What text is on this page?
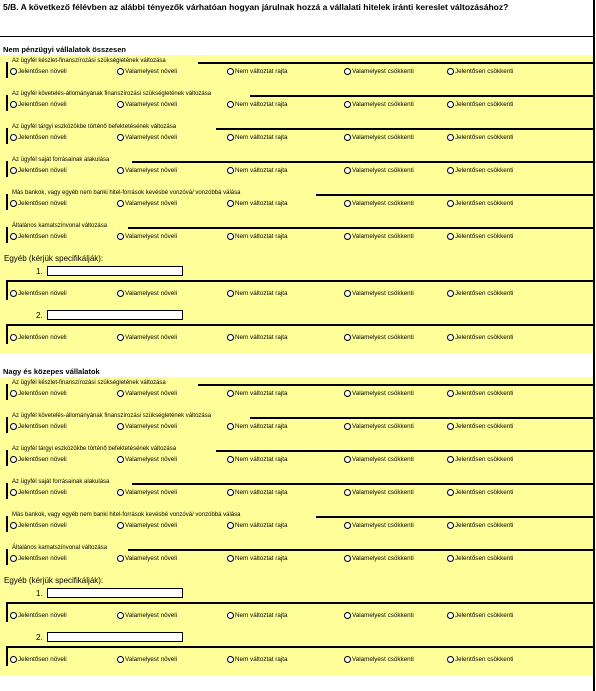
5/B. A következő félévben az alábbi tényezők várhatóan hogyan járulnak hozzá a vállalati hitelek iránti kereslet változásához?
Nem pénzügyi vállalatok összesen
Az ügyfél készlet-finanszírozási szükségletének változása
Jelentősen növeli	Valamelyest növeli	Nem változtat rajta	Valamelyest csökkenti	Jelentősen csökkenti
Az ügyfél követelés-állományának finanszírozási szükségletének változása
Jelentősen növeli	Valamelyest növeli	Nem változtat rajta	Valamelyest csökkenti	Jelentősen csökkenti
Az ügyfél tárgyi eszközökbe történő befektetésének változása
Jelentősen növeli	Valamelyest növeli	Nem változtat rajta	Valamelyest csökkenti	Jelentősen csökkenti
Az ügyfél saját forrásainak alakulása
Jelentősen növeli	Valamelyest növeli	Nem változtat rajta	Valamelyest csökkenti	Jelentősen csökkenti
Más bankok, vagy egyéb nem banki hitel-források kevésbé vonzóvá/ vonzóbbá válása
Jelentősen növeli	Valamelyest növeli	Nem változtat rajta	Valamelyest csökkenti	Jelentősen csökkenti
Általános kamatszínvonal változása
Jelentősen növeli	Valamelyest növeli	Nem változtat rajta	Valamelyest csökkenti	Jelentősen csökkenti
Egyéb (kérjük specifikálják):
1.
Jelentősen növeli	Valamelyest növeli	Nem változtat rajta	Valamelyest csökkenti	Jelentősen csökkenti
2.
Jelentősen növeli	Valamelyest növeli	Nem változtat rajta	Valamelyest csökkenti	Jelentősen csökkenti
Nagy és közepes vállalatok
Az ügyfél készlet-finanszírozási szükségletének változása
Jelentősen növeli	Valamelyest növeli	Nem változtat rajta	Valamelyest csökkenti	Jelentősen csökkenti
Az ügyfél követelés-állományának finanszírozási szükségletének változása
Jelentősen növeli	Valamelyest növeli	Nem változtat rajta	Valamelyest csökkenti	Jelentősen csökkenti
Az ügyfél tárgyi eszközökbe történő befektetésének változása
Jelentősen növeli	Valamelyest növeli	Nem változtat rajta	Valamelyest csökkenti	Jelentősen csökkenti
Az ügyfél saját forrásainak alakulása
Jelentősen növeli	Valamelyest növeli	Nem változtat rajta	Valamelyest csökkenti	Jelentősen csökkenti
Más bankok, vagy egyéb nem banki hitel-források kevésbé vonzóvá/ vonzóbbá válása
Jelentősen növeli	Valamelyest növeli	Nem változtat rajta	Valamelyest csökkenti	Jelentősen csökkenti
Általános kamatszínvonal változása
Jelentősen növeli	Valamelyest növeli	Nem változtat rajta	Valamelyest csökkenti	Jelentősen csökkenti
Egyéb (kérjük specifikálják):
1.
Jelentősen növeli	Valamelyest növeli	Nem változtat rajta	Valamelyest csökkenti	Jelentősen csökkenti
2.
Jelentősen növeli	Valamelyest növeli	Nem változtat rajta	Valamelyest csökkenti	Jelentősen csökkenti
